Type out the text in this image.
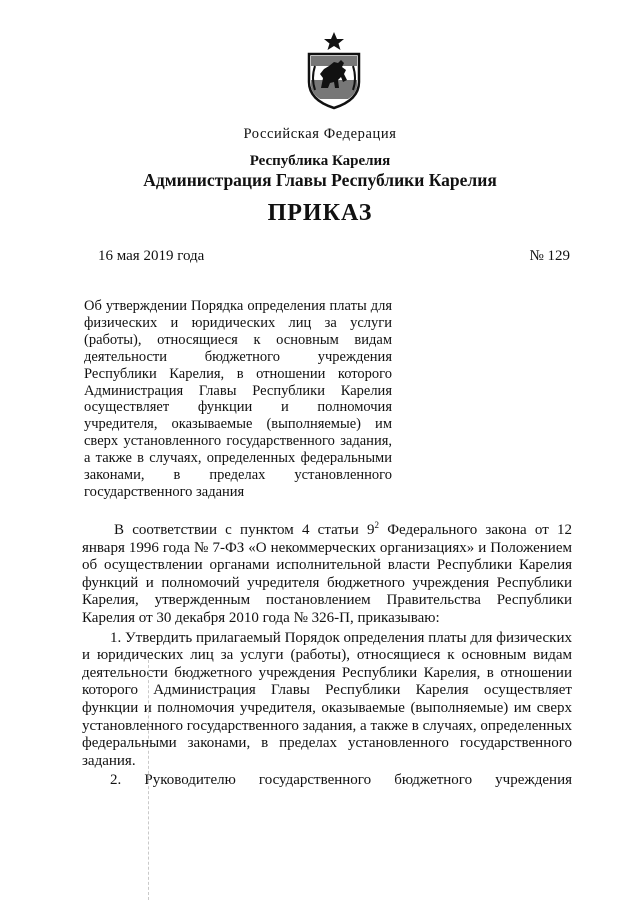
Российская Федерация
Республика Карелия
Администрация Главы Республики Карелия
ПРИКАЗ
16 мая 2019 года	№ 129
Об утверждении Порядка определения платы для физических и юридических лиц за услуги (работы), относящиеся к основным видам деятельности бюджетного учреждения Республики Карелия, в отношении которого Администрация Главы Республики Карелия осуществляет функции и полномочия учредителя, оказываемые (выполняемые) им сверх установленного государственного задания, а также в случаях, определенных федеральными законами, в пределах установленного государственного задания

В соответствии с пунктом 4 статьи $9^2$ Федерального закона от 12 января 1996 года № 7-ФЗ «О некоммерческих организациях» и Положением об осуществлении органами исполнительной власти Республики Карелия функций и полномочий учредителя бюджетного учреждения Республики Карелия, утвержденным постановлением Правительства Республики Карелия от 30 декабря 2010 года № 326-П, приказываю:

1. Утвердить прилагаемый Порядок определения платы для физических и юридических лиц за услуги (работы), относящиеся к основным видам деятельности бюджетного учреждения Республики Карелия, в отношении которого Администрация Главы Республики Карелия осуществляет функции и полномочия учредителя, оказываемые (выполняемые) им сверх установленного государственного задания, а также в случаях, определенных федеральными законами, в пределах установленного государственного задания.

2. Руководителю государственного бюджетного учреждения
